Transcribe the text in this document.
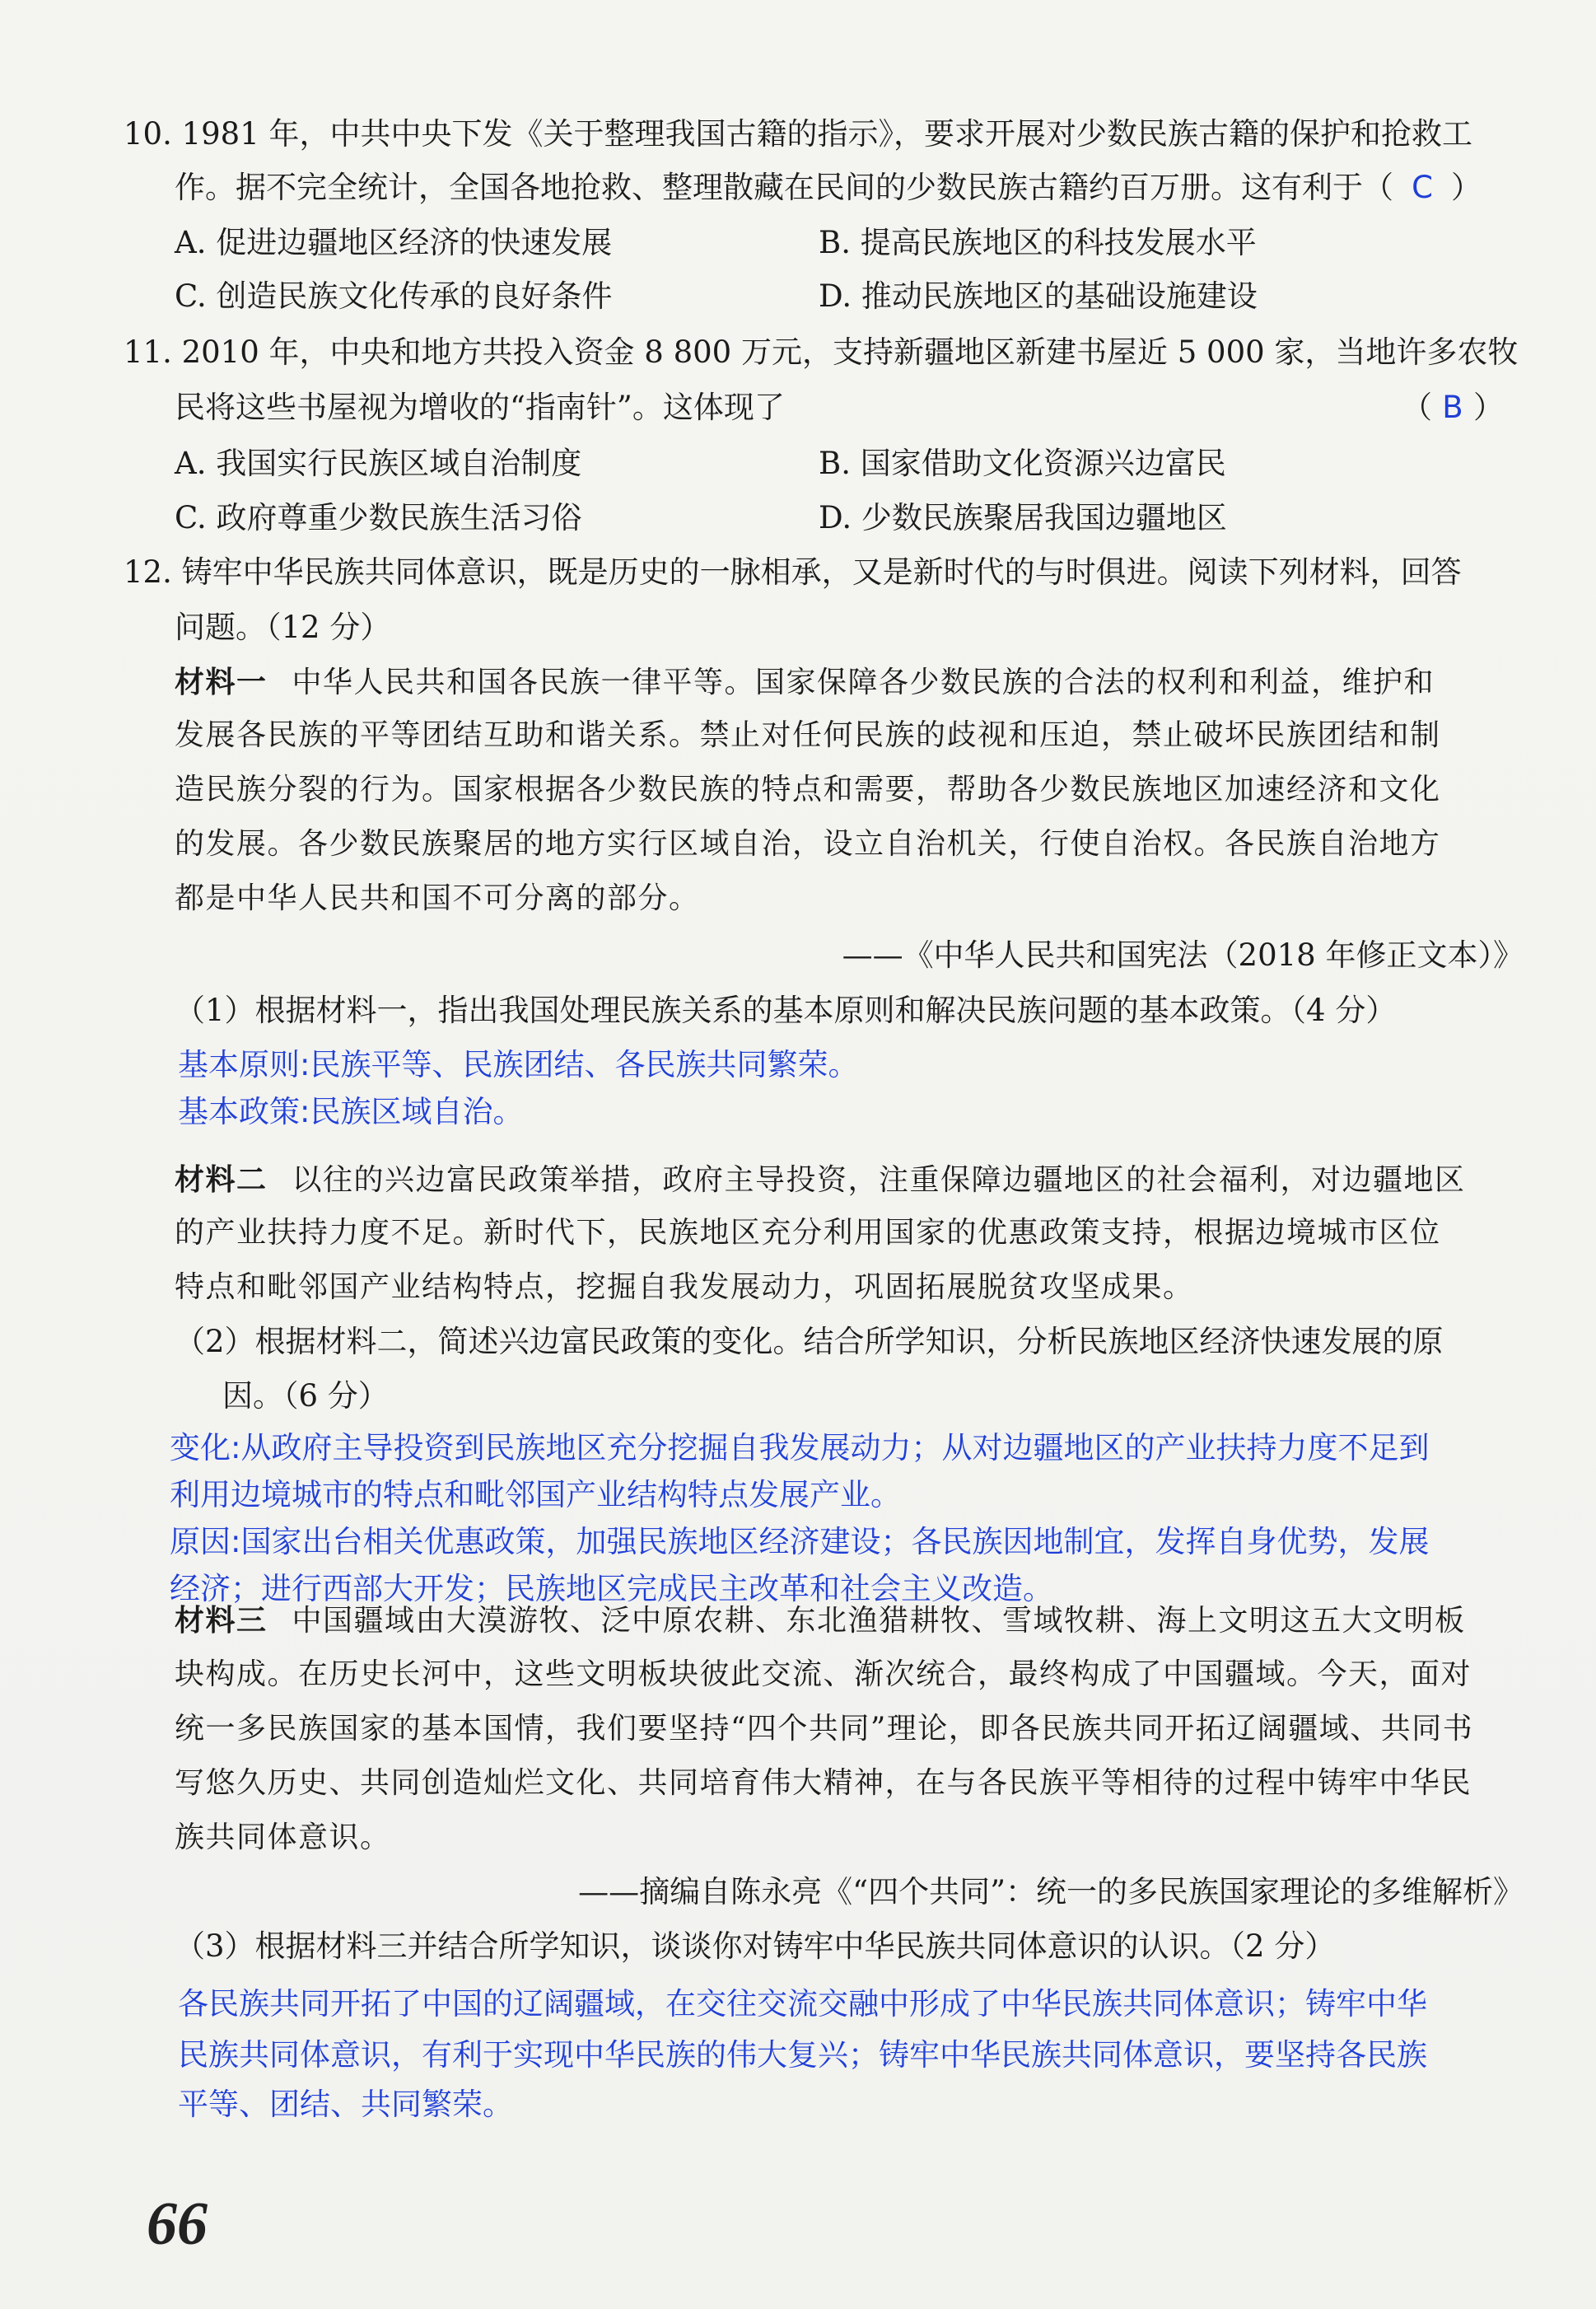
10. 1981 年，中共中央下发《关于整理我国古籍的指示》，要求开展对少数民族古籍的保护和抢救工
作。据不完全统计，全国各地抢救、整理散藏在民间的少数民族古籍约百万册。这有利于（ C ）
A. 促进边疆地区经济的快速发展	B. 提高民族地区的科技发展水平
C. 创造民族文化传承的良好条件	D. 推动民族地区的基础设施建设
11. 2010 年，中央和地方共投入资金 8 800 万元，支持新疆地区新建书屋近 5 000 家，当地许多农牧
民将这些书屋视为增收的“指南针”。这体现了	（ B ）
A. 我国实行民族区域自治制度	B. 国家借助文化资源兴边富民
C. 政府尊重少数民族生活习俗	D. 少数民族聚居我国边疆地区
12. 铸牢中华民族共同体意识，既是历史的一脉相承，又是新时代的与时俱进。阅读下列材料，回答
问题。（12 分）
材料一 中华人民共和国各民族一律平等。国家保障各少数民族的合法的权利和利益，维护和
发展各民族的平等团结互助和谐关系。禁止对任何民族的歧视和压迫，禁止破坏民族团结和制
造民族分裂的行为。国家根据各少数民族的特点和需要，帮助各少数民族地区加速经济和文化
的发展。各少数民族聚居的地方实行区域自治，设立自治机关，行使自治权。各民族自治地方
都是中华人民共和国不可分离的部分。
——《中华人民共和国宪法（2018 年修正文本）》
（1）根据材料一，指出我国处理民族关系的基本原则和解决民族问题的基本政策。（4 分）
基本原则:民族平等、民族团结、各民族共同繁荣。
基本政策:民族区域自治。
材料二 以往的兴边富民政策举措，政府主导投资，注重保障边疆地区的社会福利，对边疆地区
的产业扶持力度不足。新时代下，民族地区充分利用国家的优惠政策支持，根据边境城市区位
特点和毗邻国产业结构特点，挖掘自我发展动力，巩固拓展脱贫攻坚成果。
（2）根据材料二，简述兴边富民政策的变化。结合所学知识，分析民族地区经济快速发展的原
因。（6 分）
变化:从政府主导投资到民族地区充分挖掘自我发展动力；从对边疆地区的产业扶持力度不足到
利用边境城市的特点和毗邻国产业结构特点发展产业。
原因:国家出台相关优惠政策，加强民族地区经济建设；各民族因地制宜，发挥自身优势，发展
经济；进行西部大开发；民族地区完成民主改革和社会主义改造。
材料三 中国疆域由大漠游牧、泛中原农耕、东北渔猎耕牧、雪域牧耕、海上文明这五大文明板
块构成。在历史长河中，这些文明板块彼此交流、渐次统合，最终构成了中国疆域。今天，面对
统一多民族国家的基本国情，我们要坚持“四个共同”理论，即各民族共同开拓辽阔疆域、共同书
写悠久历史、共同创造灿烂文化、共同培育伟大精神，在与各民族平等相待的过程中铸牢中华民
族共同体意识。
——摘编自陈永亮《“四个共同”：统一的多民族国家理论的多维解析》
（3）根据材料三并结合所学知识，谈谈你对铸牢中华民族共同体意识的认识。（2 分）
各民族共同开拓了中国的辽阔疆域，在交往交流交融中形成了中华民族共同体意识；铸牢中华
民族共同体意识，有利于实现中华民族的伟大复兴；铸牢中华民族共同体意识，要坚持各民族
平等、团结、共同繁荣。
66
